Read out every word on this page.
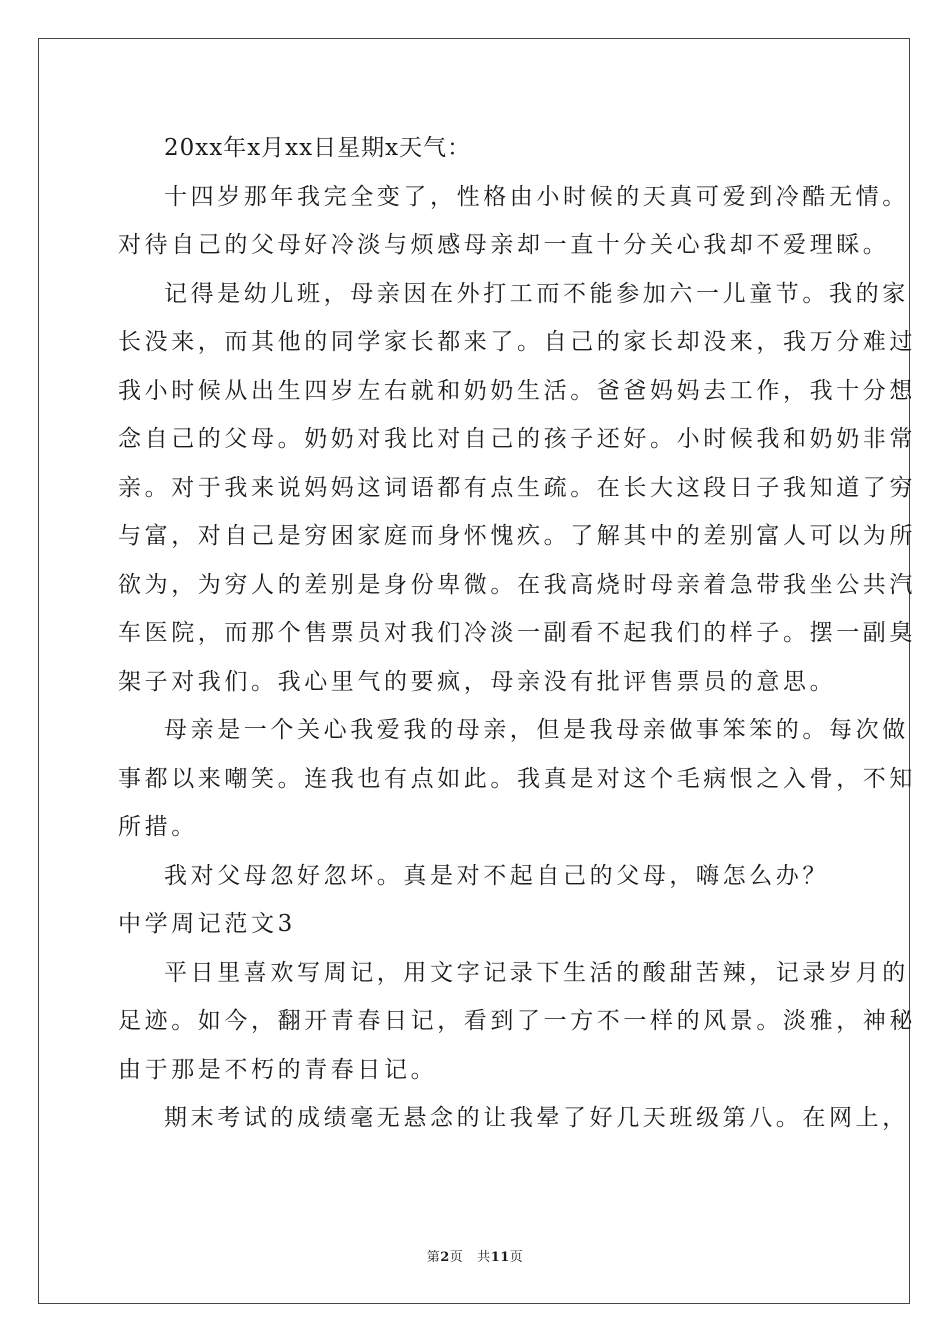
20xx年x月xx日星期x天气：
十四岁那年我完全变了，性格由小时候的天真可爱到冷酷无情。
对待自己的父母好冷淡与烦感母亲却一直十分关心我却不爱理睬。
记得是幼儿班，母亲因在外打工而不能参加六一儿童节。我的家
长没来，而其他的同学家长都来了。自己的家长却没来，我万分难过
我小时候从出生四岁左右就和奶奶生活。爸爸妈妈去工作，我十分想
念自己的父母。奶奶对我比对自己的孩子还好。小时候我和奶奶非常
亲。对于我来说妈妈这词语都有点生疏。在长大这段日子我知道了穷
与富，对自己是穷困家庭而身怀愧疚。了解其中的差别富人可以为所
欲为，为穷人的差别是身份卑微。在我高烧时母亲着急带我坐公共汽
车医院，而那个售票员对我们冷淡一副看不起我们的样子。摆一副臭
架子对我们。我心里气的要疯，母亲没有批评售票员的意思。
母亲是一个关心我爱我的母亲，但是我母亲做事笨笨的。每次做
事都以来嘲笑。连我也有点如此。我真是对这个毛病恨之入骨，不知
所措。
我对父母忽好忽坏。真是对不起自己的父母，嗨怎么办？
中学周记范文3
平日里喜欢写周记，用文字记录下生活的酸甜苦辣，记录岁月的
足迹。如今，翻开青春日记，看到了一方不一样的风景。淡雅，神秘
由于那是不朽的青春日记。
期末考试的成绩毫无悬念的让我晕了好几天班级第八。在网上，
第2页 共11页
